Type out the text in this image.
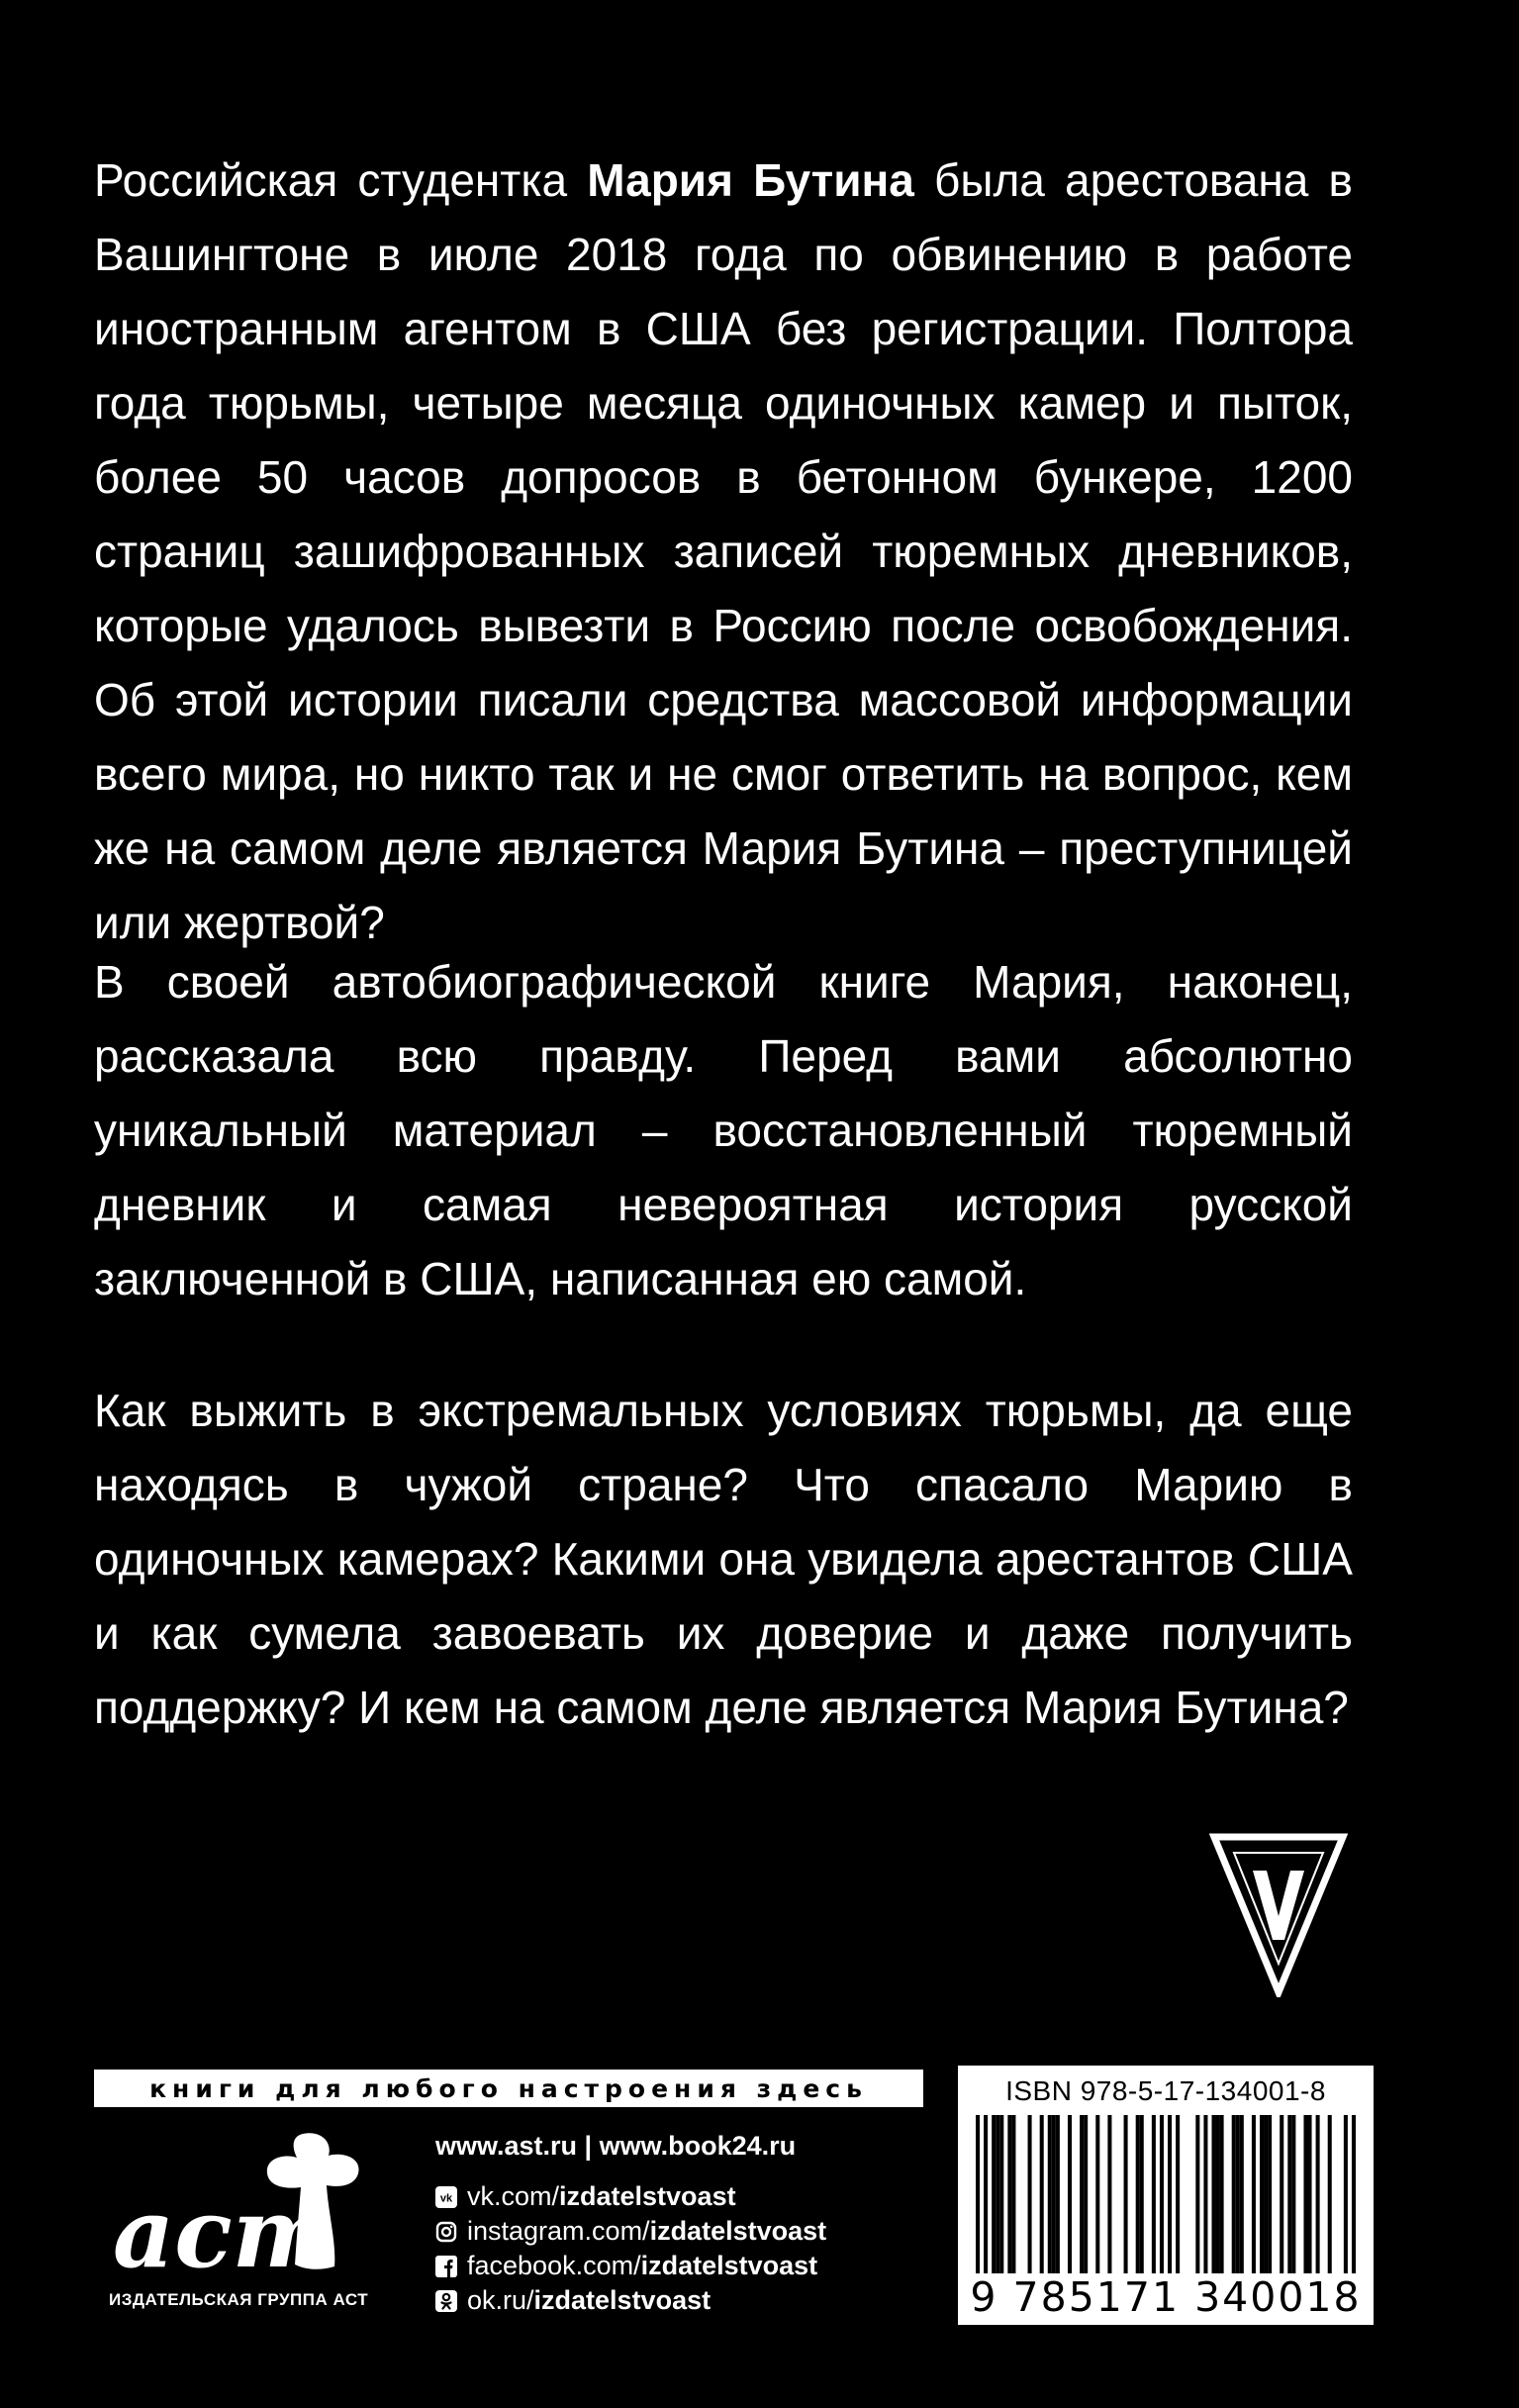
Российская студентка Мария Бутина была арестована в Вашингтоне в июле 2018 года по обвинению в работе иностранным агентом в США без регистрации. Полтора года тюрьмы, четыре месяца одиночных камер и пыток, более 50 часов допросов в бетонном бункере, 1200 страниц зашифрованных записей тюремных дневников, которые удалось вывезти в Россию после освобождения. Об этой истории писали средства массовой информации всего мира, но никто так и не смог ответить на вопрос, кем же на самом деле является Мария Бутина – преступницей или жертвой?
В своей автобиографической книге Мария, наконец, рассказала всю правду. Перед вами абсолютно уникальный материал – восстановленный тюремный дневник и самая невероятная история русской заключенной в США, написанная ею самой.
Как выжить в экстремальных условиях тюрьмы, да еще находясь в чужой стране? Что спасало Марию в одиночных камерах? Какими она увидела арестантов США и как сумела завоевать их доверие и даже получить поддержку? И кем на самом деле является Мария Бутина?
книги для любого настроения здесь
аст
ИЗДАТЕЛЬСКАЯ ГРУППА АСТ
www.ast.ru | www.book24.ru
vk vk.com/ izdatelstvoast
instagram.com/ izdatelstvoast
facebook.com/ izdatelstvoast
ok.ru/ izdatelstvoast
ISBN 978-5-17-134001-8
9 785171 340018
